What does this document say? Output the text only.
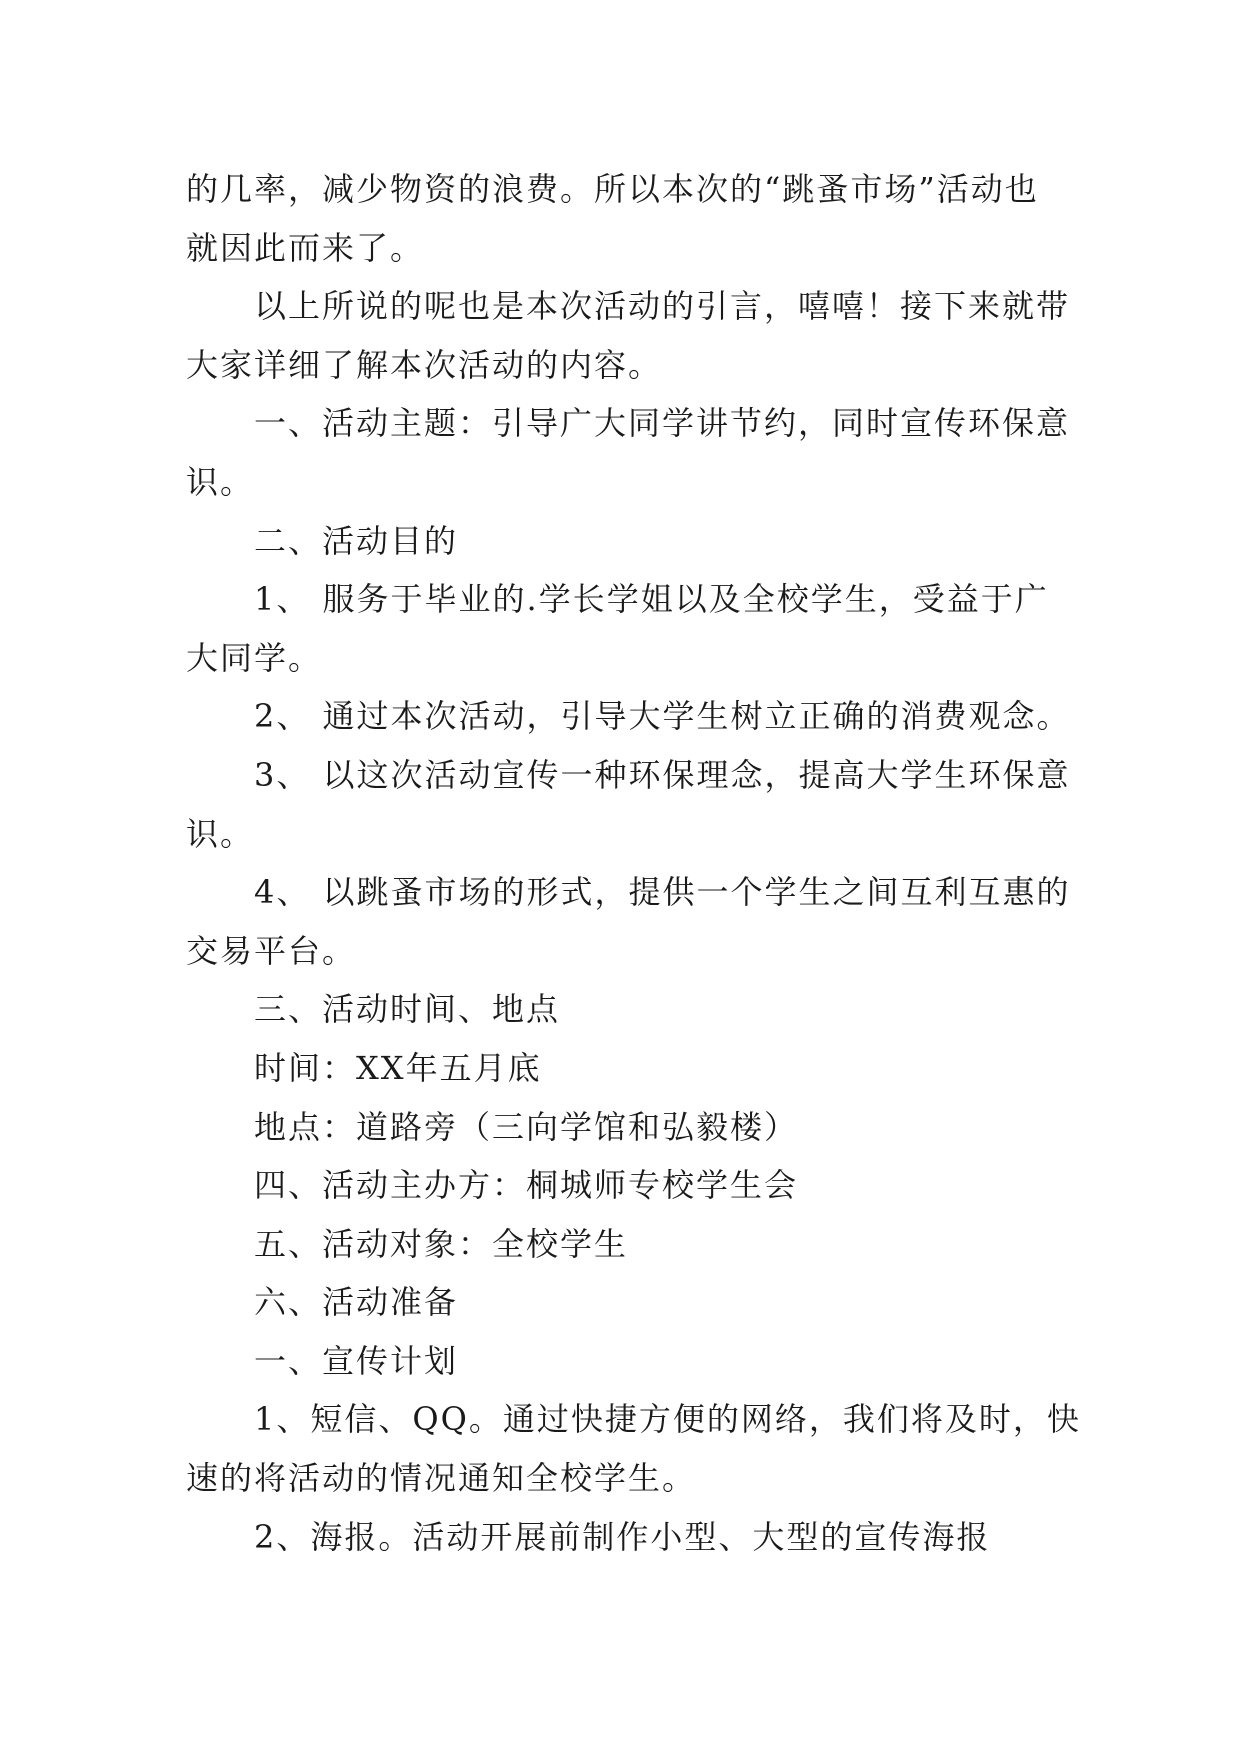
的几率，减少物资的浪费。所以本次的“跳蚤市场”活动也
就因此而来了。
以上所说的呢也是本次活动的引言，嘻嘻！接下来就带
大家详细了解本次活动的内容。
一、活动主题：引导广大同学讲节约，同时宣传环保意
识。
二、活动目的
1、 服务于毕业的.学长学姐以及全校学生，受益于广
大同学。
2、 通过本次活动，引导大学生树立正确的消费观念。
3、 以这次活动宣传一种环保理念，提高大学生环保意
识。
4、 以跳蚤市场的形式，提供一个学生之间互利互惠的
交易平台。
三、活动时间、地点
时间：XX年五月底
地点：道路旁（三向学馆和弘毅楼）
四、活动主办方：桐城师专校学生会
五、活动对象：全校学生
六、活动准备
一、宣传计划
1、短信、QQ。通过快捷方便的网络，我们将及时，快
速的将活动的情况通知全校学生。
2、海报。活动开展前制作小型、大型的宣传海报
